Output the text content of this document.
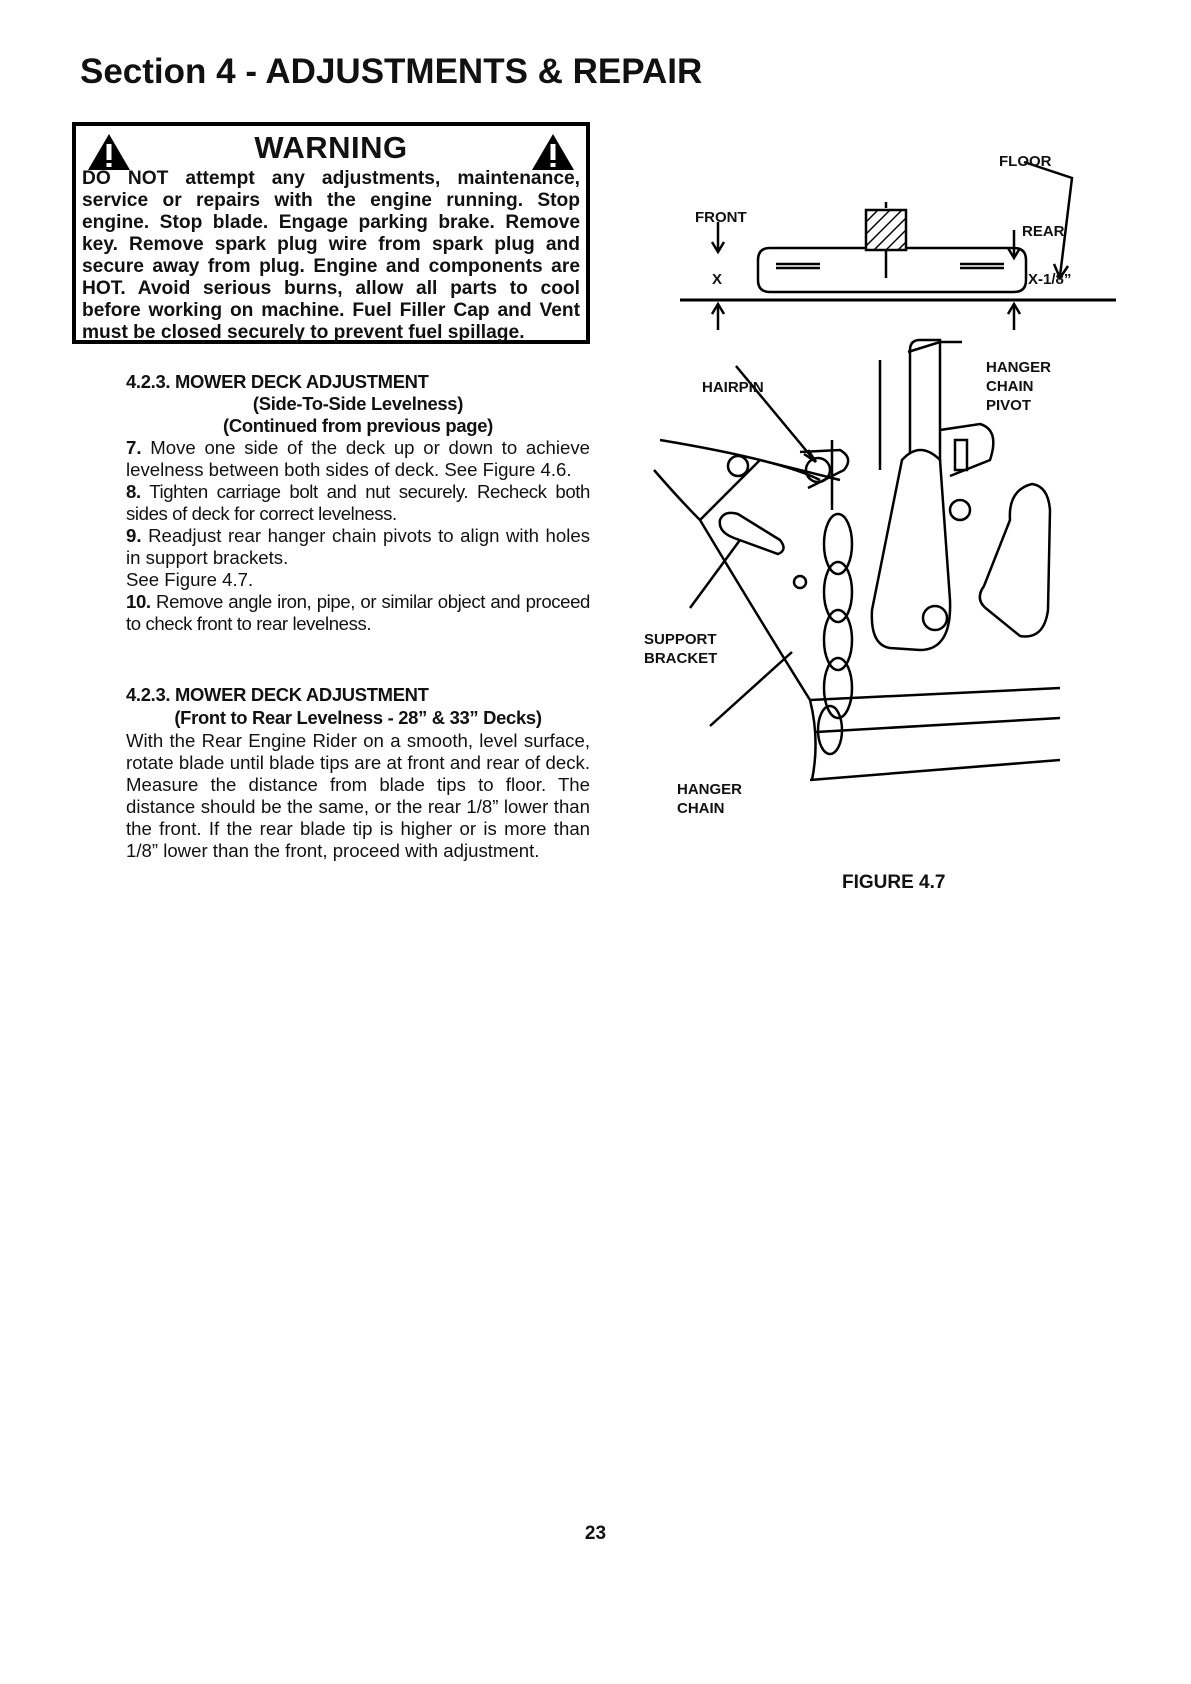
Section 4 - ADJUSTMENTS & REPAIR
WARNING

DO NOT attempt any adjustments, maintenance, service or repairs with the engine running. Stop engine. Stop blade. Engage parking brake. Remove key. Remove spark plug wire from spark plug and secure away from plug. Engine and components are HOT. Avoid serious burns, allow all parts to cool before working on machine. Fuel Filler Cap and Vent must be closed securely to prevent fuel spillage.

4.2.3. MOWER DECK ADJUSTMENT

(Side-To-Side Levelness)

(Continued from previous page)

7. Move one side of the deck up or down to achieve levelness between both sides of deck. See Figure 4.6.

8. Tighten carriage bolt and nut securely. Recheck both sides of deck for correct levelness.

9. Readjust rear hanger chain pivots to align with holes in support brackets.

See Figure 4.7.

10. Remove angle iron, pipe, or similar object and proceed to check front to rear levelness.

4.2.3. MOWER DECK ADJUSTMENT

(Front to Rear Levelness - 28” & 33” Decks)

With the Rear Engine Rider on a smooth, level surface, rotate blade until blade tips are at front and rear of deck. Measure the distance from blade tips to floor. The distance should be the same, or the rear 1/8” lower than the front. If the rear blade tip is higher or is more than 1/8” lower than the front, proceed with adjustment.

FLOOR
FRONT
REAR
X	X-1/8”
HAIRPIN
HANGER
CHAIN
PIVOT
SUPPORT
BRACKET
HANGER
CHAIN
FIGURE 4.7
23
